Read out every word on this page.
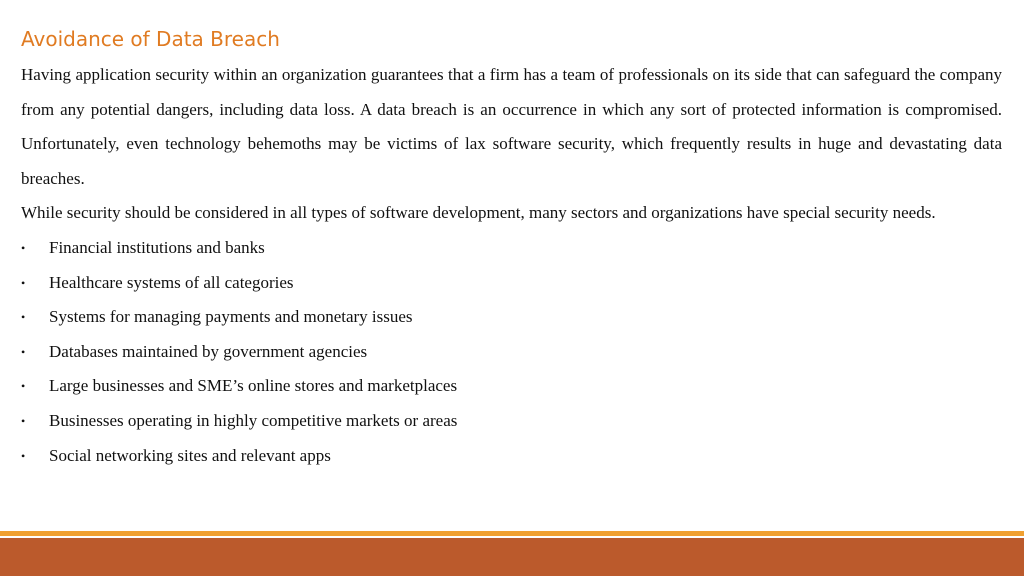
Avoidance of Data Breach

Having application security within an organization guarantees that a firm has a team of professionals on its side that can safeguard the company from any potential dangers, including data loss. A data breach is an occurrence in which any sort of protected information is compromised. Unfortunately, even technology behemoths may be victims of lax software security, which frequently results in huge and devastating data breaches.

While security should be considered in all types of software development, many sectors and organizations have special security needs.

• Financial institutions and banks
• Healthcare systems of all categories
• Systems for managing payments and monetary issues
• Databases maintained by government agencies
• Large businesses and SME’s online stores and marketplaces
• Businesses operating in highly competitive markets or areas
• Social networking sites and relevant apps
